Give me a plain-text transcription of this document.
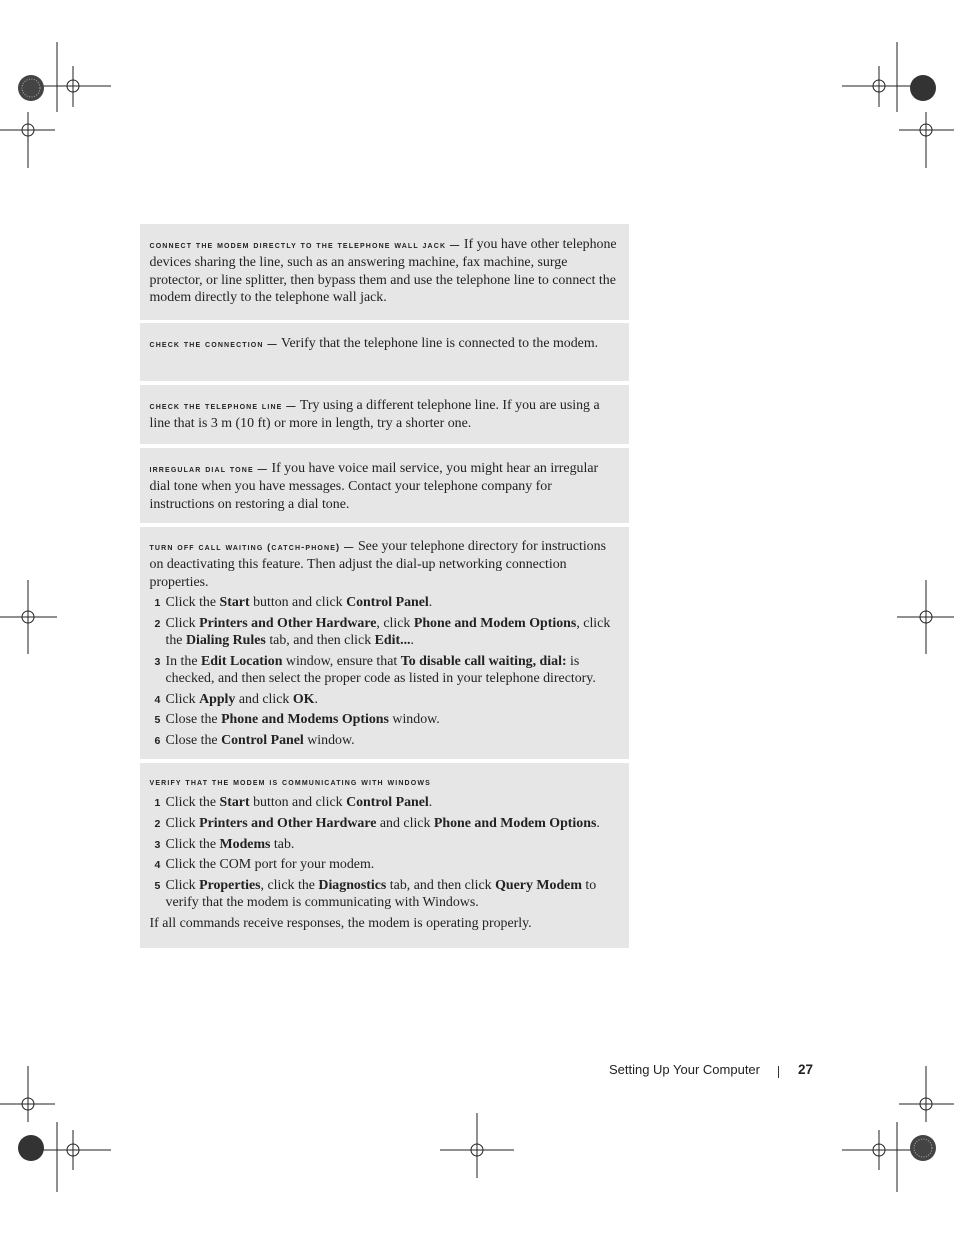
connect the modem directly to the telephone wall jack — If you have other telephone devices sharing the line, such as an answering machine, fax machine, surge protector, or line splitter, then bypass them and use the telephone line to connect the modem directly to the telephone wall jack.

check the connection — Verify that the telephone line is connected to the modem.

check the telephone line — Try using a different telephone line. If you are using a line that is 3 m (10 ft) or more in length, try a shorter one.

irregular dial tone — If you have voice mail service, you might hear an irregular dial tone when you have messages. Contact your telephone company for instructions on restoring a dial tone.

turn off call waiting (catch-phone) — See your telephone directory for instructions on deactivating this feature. Then adjust the dial-up networking connection properties.

1 Click the Start button and click Control Panel.
2 Click Printers and Other Hardware, click Phone and Modem Options, click the Dialing Rules tab, and then click Edit....
3 In the Edit Location window, ensure that To disable call waiting, dial: is checked, and then select the proper code as listed in your telephone directory.
4 Click Apply and click OK.
5 Close the Phone and Modems Options window.
6 Close the Control Panel window.

verify that the modem is communicating with windows

1 Click the Start button and click Control Panel.
2 Click Printers and Other Hardware and click Phone and Modem Options.
3 Click the Modems tab.
4 Click the COM port for your modem.
5 Click Properties, click the Diagnostics tab, and then click Query Modem to verify that the modem is communicating with Windows.

If all commands receive responses, the modem is operating properly.

Setting Up Your Computer	27
